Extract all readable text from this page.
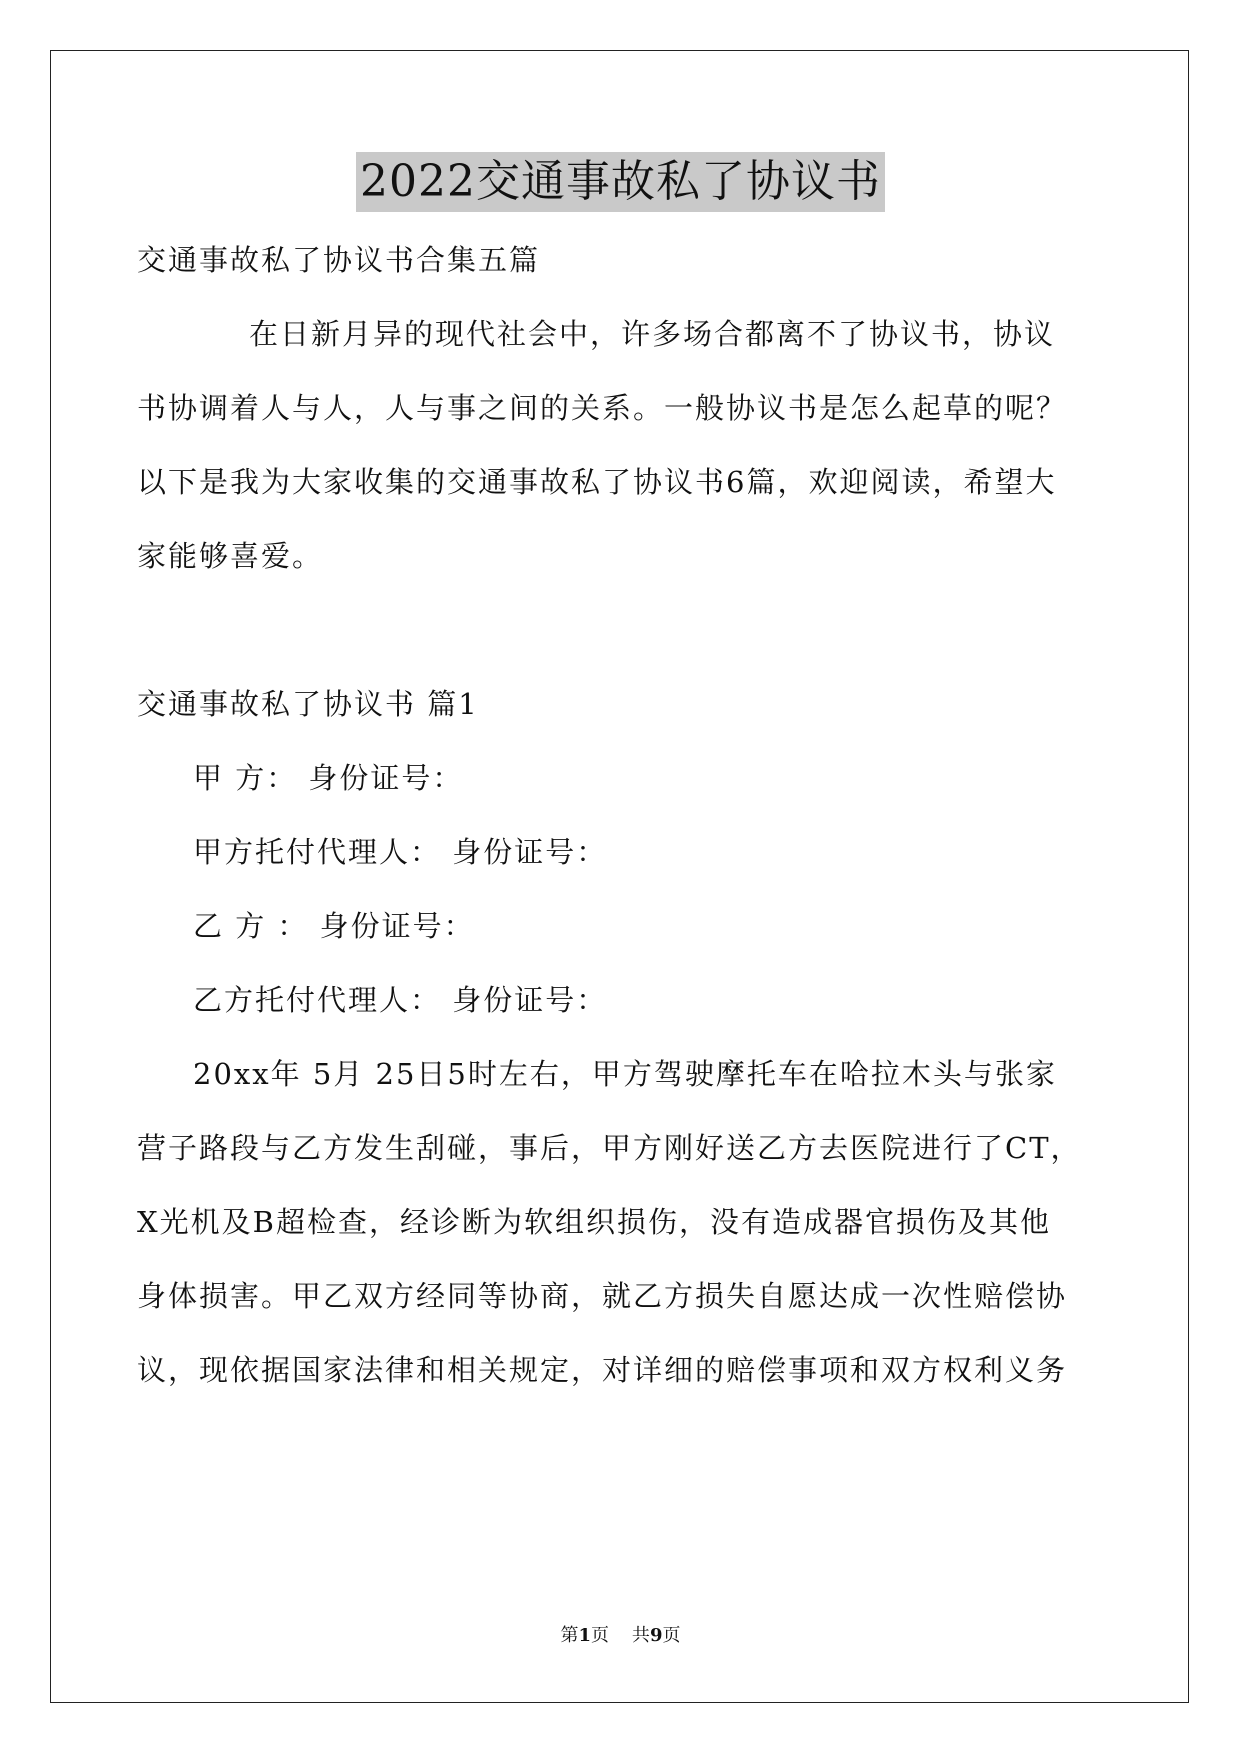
2022交通事故私了协议书
交通事故私了协议书合集五篇
在日新月异的现代社会中，许多场合都离不了协议书，协议
书协调着人与人，人与事之间的关系。一般协议书是怎么起草的呢？
以下是我为大家收集的交通事故私了协议书6篇，欢迎阅读，希望大
家能够喜爱。
交通事故私了协议书 篇1
甲 方： 身份证号：
甲方托付代理人： 身份证号：
乙 方 ： 身份证号：
乙方托付代理人： 身份证号：
20xx年 5月 25日5时左右，甲方驾驶摩托车在哈拉木头与张家
营子路段与乙方发生刮碰，事后，甲方刚好送乙方去医院进行了CT，
X光机及B超检查，经诊断为软组织损伤，没有造成器官损伤及其他
身体损害。甲乙双方经同等协商，就乙方损失自愿达成一次性赔偿协
议，现依据国家法律和相关规定，对详细的赔偿事项和双方权利义务
第1页    共9页
